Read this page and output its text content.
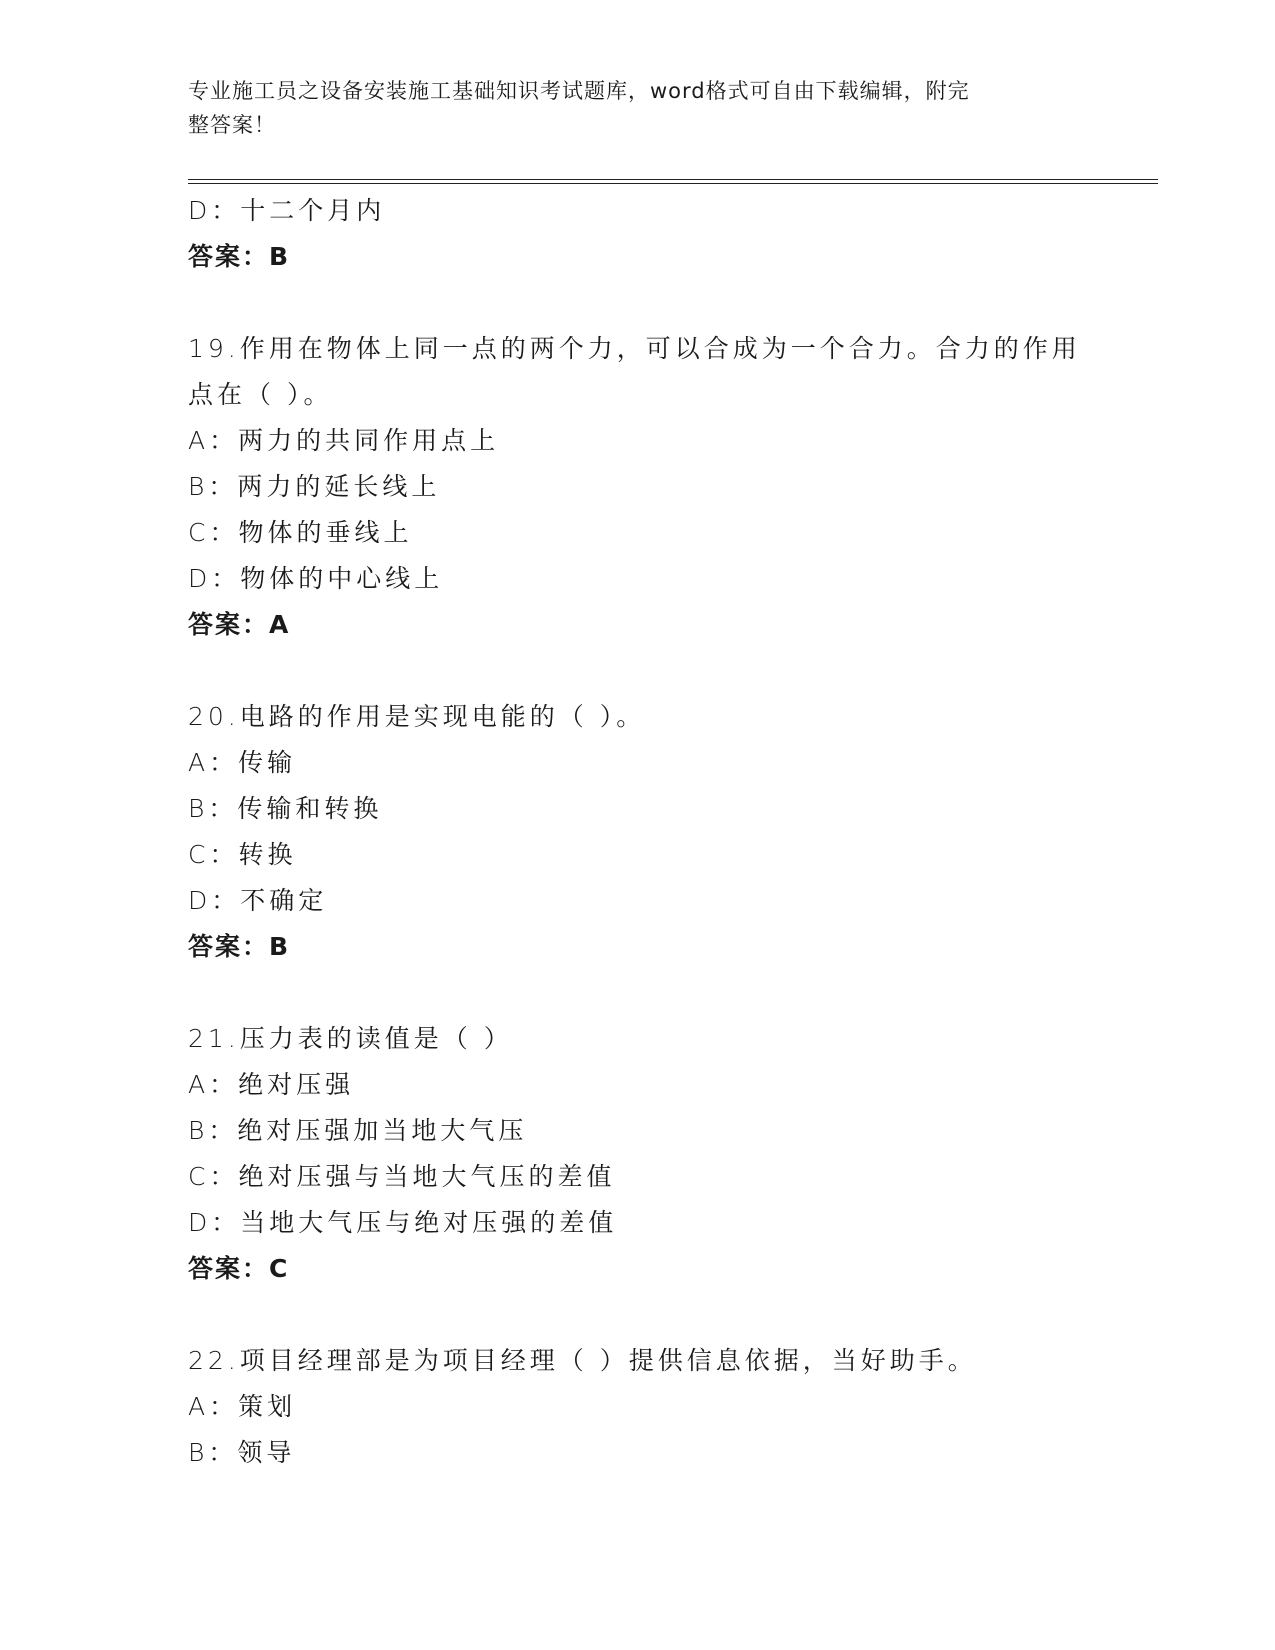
专业施工员之设备安装施工基础知识考试题库，word格式可自由下载编辑，附完
整答案！
D：十二个月内
答案：B
19.作用在物体上同一点的两个力，可以合成为一个合力。合力的作用
点在（ ）。
A：两力的共同作用点上
B：两力的延长线上
C：物体的垂线上
D：物体的中心线上
答案：A
20.电路的作用是实现电能的（ ）。
A：传输
B：传输和转换
C：转换
D：不确定
答案：B
21.压力表的读值是（ ）
A：绝对压强
B：绝对压强加当地大气压
C：绝对压强与当地大气压的差值
D：当地大气压与绝对压强的差值
答案：C
22.项目经理部是为项目经理（ ）提供信息依据，当好助手。
A：策划
B：领导
